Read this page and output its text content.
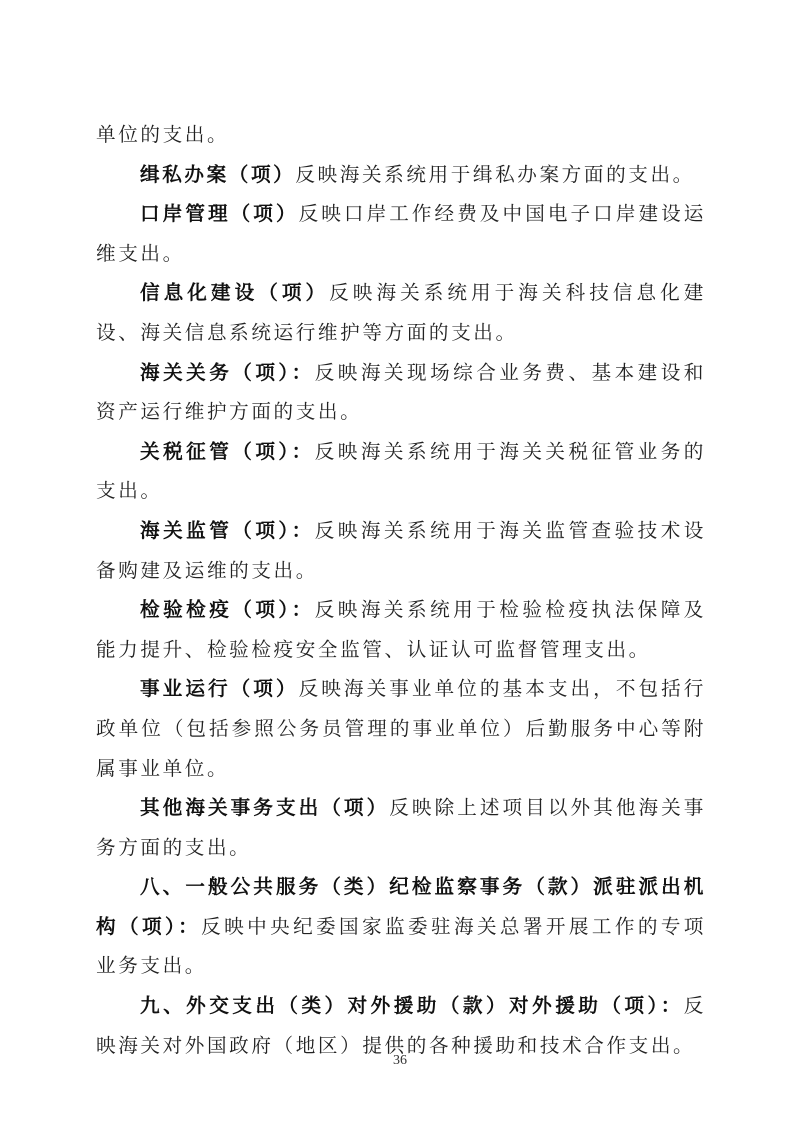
单位的支出。

缉私办案（项）反映海关系统用于缉私办案方面的支出。

口岸管理（项）反映口岸工作经费及中国电子口岸建设运维支出。

信息化建设（项）反映海关系统用于海关科技信息化建设、海关信息系统运行维护等方面的支出。

海关关务（项）：反映海关现场综合业务费、基本建设和资产运行维护方面的支出。

关税征管（项）：反映海关系统用于海关关税征管业务的支出。

海关监管（项）：反映海关系统用于海关监管查验技术设备购建及运维的支出。

检验检疫（项）：反映海关系统用于检验检疫执法保障及能力提升、检验检疫安全监管、认证认可监督管理支出。

事业运行（项）反映海关事业单位的基本支出，不包括行政单位（包括参照公务员管理的事业单位）后勤服务中心等附属事业单位。

其他海关事务支出（项）反映除上述项目以外其他海关事务方面的支出。

八、一般公共服务（类）纪检监察事务（款）派驻派出机构（项）：反映中央纪委国家监委驻海关总署开展工作的专项业务支出。

九、外交支出（类）对外援助（款）对外援助（项）：反映海关对外国政府（地区）提供的各种援助和技术合作支出。

36
